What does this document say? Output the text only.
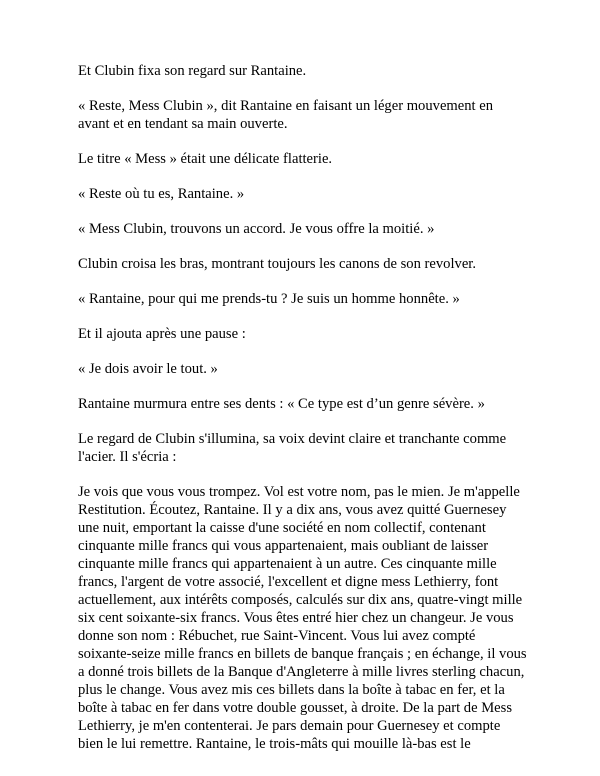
Et Clubin fixa son regard sur Rantaine.

« Reste, Mess Clubin », dit Rantaine en faisant un léger mouvement en avant et en tendant sa main ouverte.

Le titre « Mess » était une délicate flatterie.

« Reste où tu es, Rantaine. »

« Mess Clubin, trouvons un accord. Je vous offre la moitié. »

Clubin croisa les bras, montrant toujours les canons de son revolver.

« Rantaine, pour qui me prends-tu ? Je suis un homme honnête. »

Et il ajouta après une pause :

« Je dois avoir le tout. »

Rantaine murmura entre ses dents : « Ce type est d’un genre sévère. »

Le regard de Clubin s'illumina, sa voix devint claire et tranchante comme l'acier. Il s'écria :

Je vois que vous vous trompez. Vol est votre nom, pas le mien. Je m'appelle Restitution. Écoutez, Rantaine. Il y a dix ans, vous avez quitté Guernesey une nuit, emportant la caisse d'une société en nom collectif, contenant cinquante mille francs qui vous appartenaient, mais oubliant de laisser cinquante mille francs qui appartenaient à un autre. Ces cinquante mille francs, l'argent de votre associé, l'excellent et digne mess Lethierry, font actuellement, aux intérêts composés, calculés sur dix ans, quatre-vingt mille six cent soixante-six francs. Vous êtes entré hier chez un changeur. Je vous donne son nom : Rébuchet, rue Saint-Vincent. Vous lui avez compté soixante-seize mille francs en billets de banque français ; en échange, il vous a donné trois billets de la Banque d'Angleterre à mille livres sterling chacun, plus le change. Vous avez mis ces billets dans la boîte à tabac en fer, et la boîte à tabac en fer dans votre double gousset, à droite. De la part de Mess Lethierry, je m'en contenterai. Je pars demain pour Guernesey et compte bien le lui remettre. Rantaine, le trois-mâts qui mouille là-bas est le
